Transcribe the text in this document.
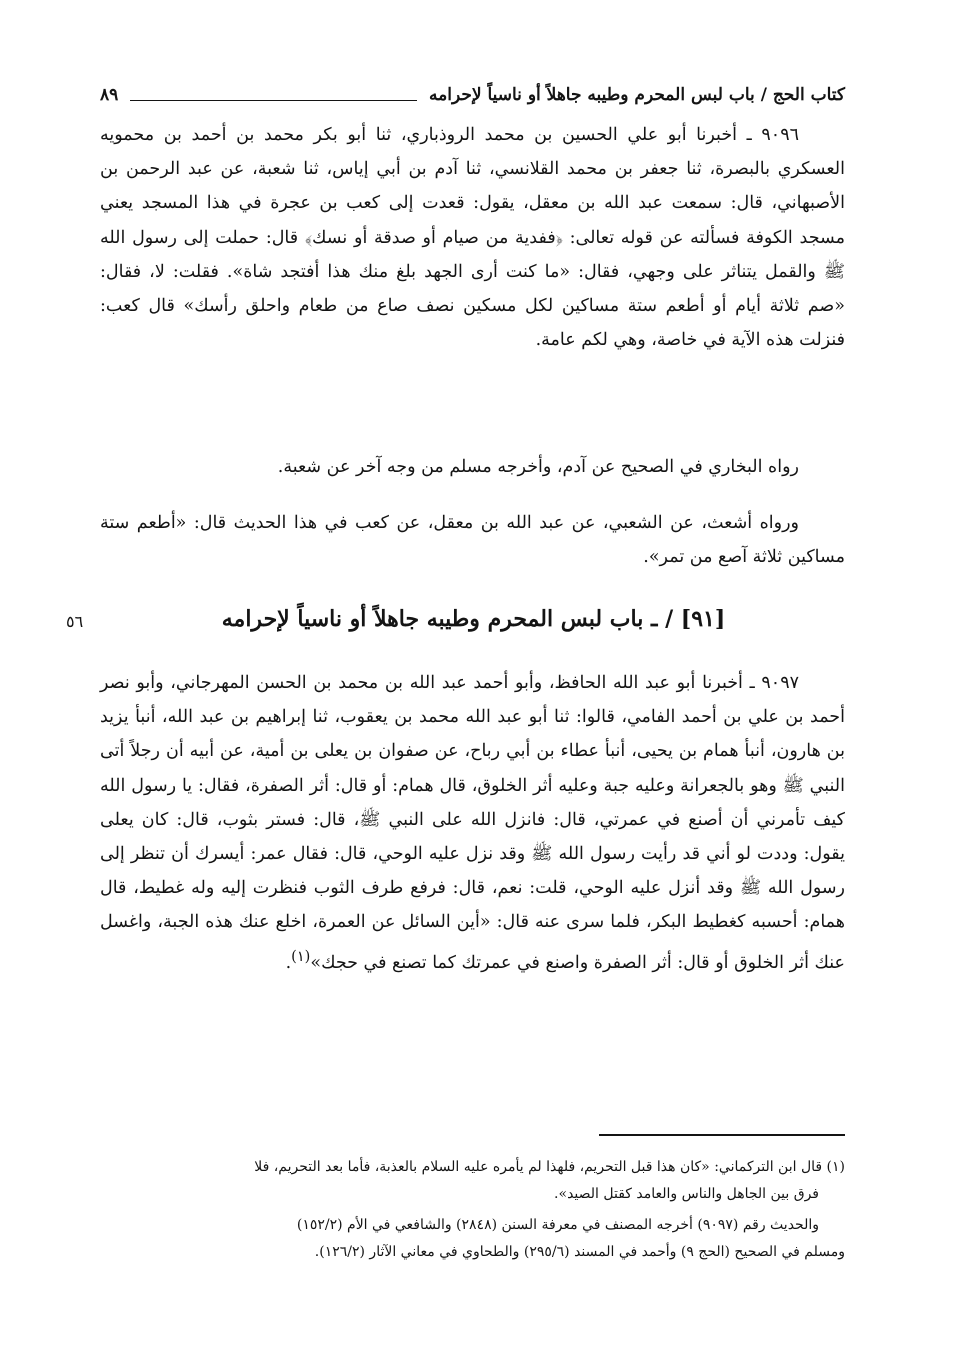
كتاب الحج / باب لبس المحرم وطيبه جاهلاً أو ناسياً لإحرامه
٨٩

٩٠٩٦ ـ أخبرنا أبو علي الحسين بن محمد الروذباري، ثنا أبو بكر محمد بن أحمد بن محمويه العسكري بالبصرة، ثنا جعفر بن محمد القلانسي، ثنا آدم بن أبي إياس، ثنا شعبة، عن عبد الرحمن بن الأصبهاني، قال: سمعت عبد الله بن معقل، يقول: قعدت إلى كعب بن عجرة في هذا المسجد يعني مسجد الكوفة فسألته عن قوله تعالى: ﴿ففدية من صيام أو صدقة أو نسك﴾ قال: حملت إلى رسول الله ﷺ والقمل يتناثر على وجهي، فقال: «ما كنت أرى الجهد بلغ منك هذا أفتجد شاة». فقلت: لا، فقال: «صم ثلاثة أيام أو أطعم ستة مساكين لكل مسكين نصف صاع من طعام واحلق رأسك» قال كعب: فنزلت هذه الآية في خاصة، وهي لكم عامة.

رواه البخاري في الصحيح عن آدم، وأخرجه مسلم من وجه آخر عن شعبة.

ورواه أشعث، عن الشعبي، عن عبد الله بن معقل، عن كعب في هذا الحديث قال: «أطعم ستة مساكين ثلاثة آصع من تمر».

[٩١] / ـ باب لبس المحرم وطيبه جاهلاً أو ناسياً لإحرامه
٥٦

٩٠٩٧ ـ أخبرنا أبو عبد الله الحافظ، وأبو أحمد عبد الله بن محمد بن الحسن المهرجاني، وأبو نصر أحمد بن علي بن أحمد الفامي، قالوا: ثنا أبو عبد الله محمد بن يعقوب، ثنا إبراهيم بن عبد الله، أنبأ يزيد بن هارون، أنبأ همام بن يحيى، أنبأ عطاء بن أبي رباح، عن صفوان بن يعلى بن أمية، عن أبيه أن رجلاً أتى النبي ﷺ وهو بالجعرانة وعليه جبة وعليه أثر الخلوق، قال همام: أو قال: أثر الصفرة، فقال: يا رسول الله كيف تأمرني أن أصنع في عمرتي، قال: فانزل الله على النبي ﷺ، قال: فستر بثوب، قال: كان يعلى يقول: وددت لو أني قد رأيت رسول الله ﷺ وقد نزل عليه الوحي، قال: فقال عمر: أيسرك أن تنظر إلى رسول الله ﷺ وقد أنزل عليه الوحي، قلت: نعم، قال: فرفع طرف الثوب فنظرت إليه وله غطيط، قال همام: أحسبه كغطيط البكر، فلما سرى عنه قال: «أين السائل عن العمرة، اخلع عنك هذه الجبة، واغسل عنك أثر الخلوق أو قال: أثر الصفرة واصنع في عمرتك كما تصنع في حجك»$^{(١)}$.

(١) قال ابن التركماني: «كان هذا قبل التحريم، فلهذا لم يأمره عليه السلام بالعذبة، فأما بعد التحريم، فلا

فرق بين الجاهل والناس والعامد كقتل الصيد».

والحديث رقم (٩٠٩٧) أخرجه المصنف في معرفة السنن (٢٨٤٨) والشافعي في الأم (١٥٢/٢)

ومسلم في الصحيح (الحج ٩) وأحمد في المسند (٢٩٥/٦) والطحاوي في معاني الآثار (١٢٦/٢).
